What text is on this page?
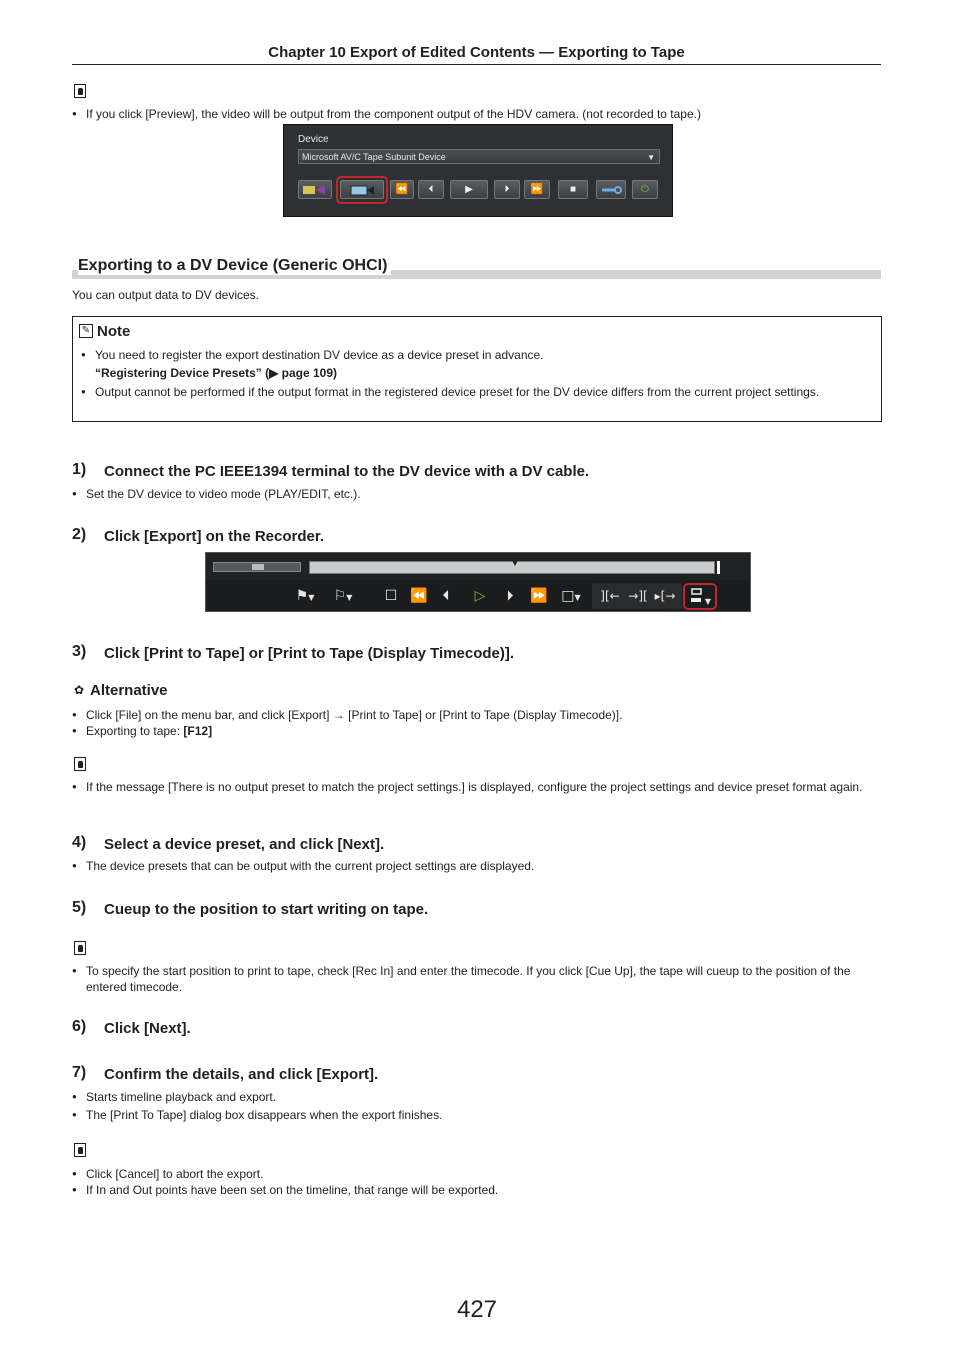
Chapter 10 Export of Edited Contents — Exporting to Tape
● If you click [Preview], the video will be output from the component output of the HDV camera. (not recorded to tape.)
Device
Microsoft AV/C Tape Subunit Device	▼
⏪	⏴	▶	⏵	⏩	■	⏻
Exporting to a DV Device (Generic OHCI)
You can output data to DV devices.
✎ Note
● You need to register the export destination DV device as a device preset in advance.
“Registering Device Presets” (▶ page 109)
● Output cannot be performed if the output format in the registered device preset for the DV device differs from the current project settings.
1) Connect the PC IEEE1394 terminal to the DV device with a DV cable.
● Set the DV device to video mode (PLAY/EDIT, etc.).
2) Click [Export] on the Recorder.
▼
⚑▼	⚐▼	☐ ⏪	⏴	▷	⏵	⏩ □▼	][← →][ ▸[→	▼
3) Click [Print to Tape] or [Print to Tape (Display Timecode)].
✿ Alternative
● Click [File] on the menu bar, and click [Export] → [Print to Tape] or [Print to Tape (Display Timecode)].
● Exporting to tape: [F12]
● If the message [There is no output preset to match the project settings.] is displayed, configure the project settings and device preset format again.
4) Select a device preset, and click [Next].
● The device presets that can be output with the current project settings are displayed.
5) Cueup to the position to start writing on tape.
● To specify the start position to print to tape, check [Rec In] and enter the timecode. If you click [Cue Up], the tape will cueup to the position of the entered timecode.
6) Click [Next].
7) Confirm the details, and click [Export].
● Starts timeline playback and export.
● The [Print To Tape] dialog box disappears when the export finishes.
● Click [Cancel] to abort the export.
● If In and Out points have been set on the timeline, that range will be exported.
427
